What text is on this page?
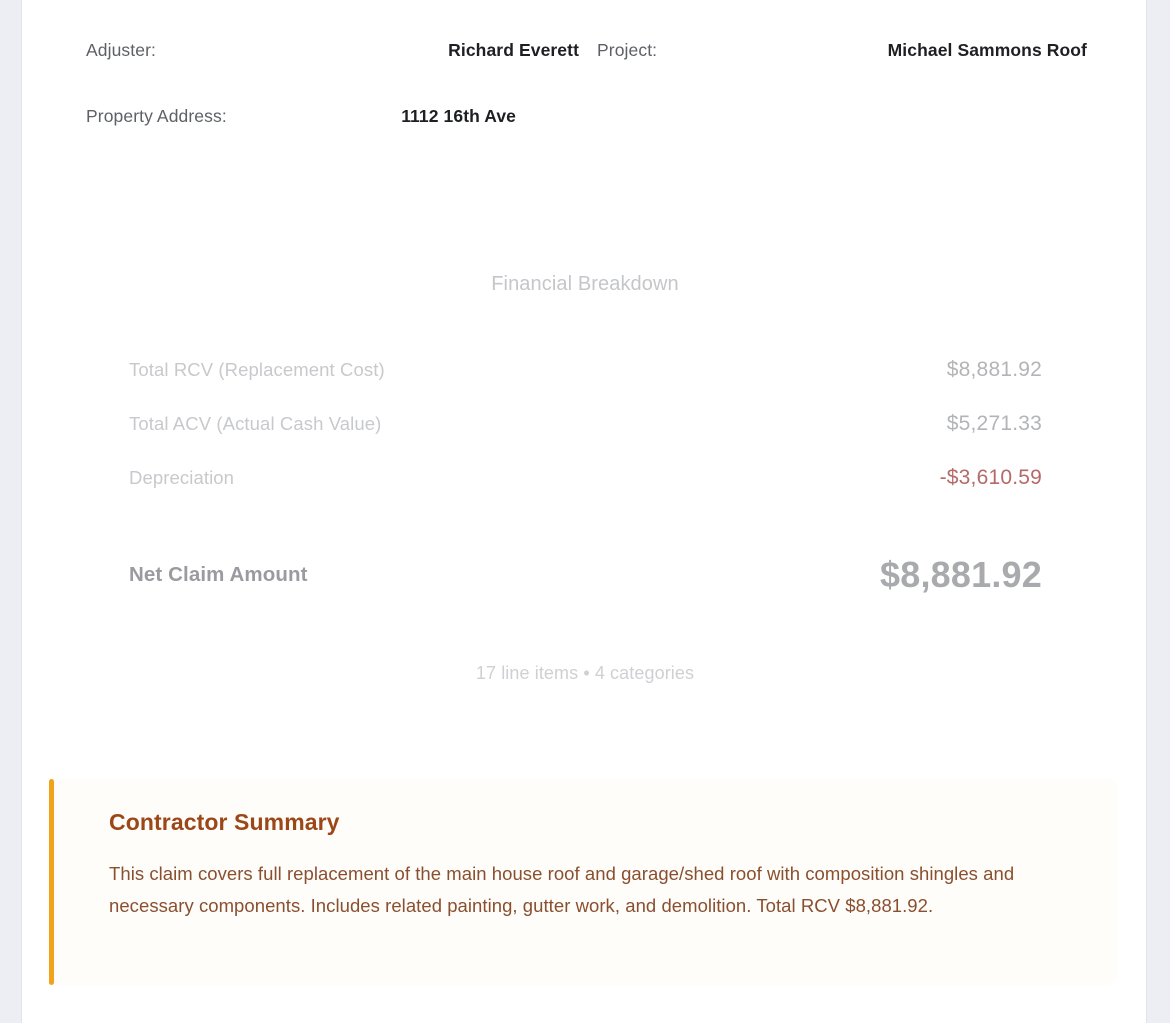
Adjuster:	Richard Everett Project:	Michael Sammons Roof
Property Address:	1112 16th Ave
Financial Breakdown
Total RCV (Replacement Cost)	$8,881.92
Total ACV (Actual Cash Value)	$5,271.33
Depreciation	-$3,610.59
Net Claim Amount	$8,881.92
17 line items • 4 categories
Contractor Summary

This claim covers full replacement of the main house roof and garage/shed roof with composition shingles and necessary components. Includes related painting, gutter work, and demolition. Total RCV $8,881.92.
